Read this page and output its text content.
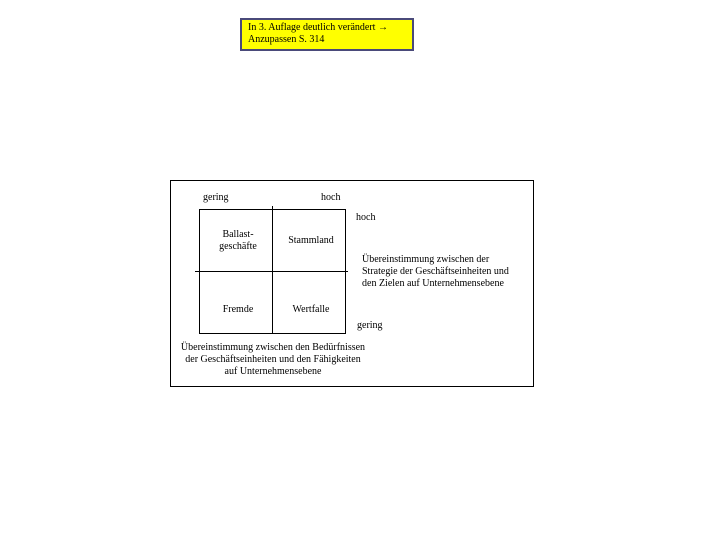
In 3. Auflage deutlich verändert →
Anzupassen S. 314
gering	hoch
hoch
gering
Ballast-
geschäfte
Stammland
Fremde	Wertfalle
Übereinstimmung zwischen der
Strategie der Geschäftseinheiten und
den Zielen auf Unternehmensebene
Übereinstimmung zwischen den Bedürfnissen
der Geschäftseinheiten und den Fähigkeiten
auf Unternehmensebene
